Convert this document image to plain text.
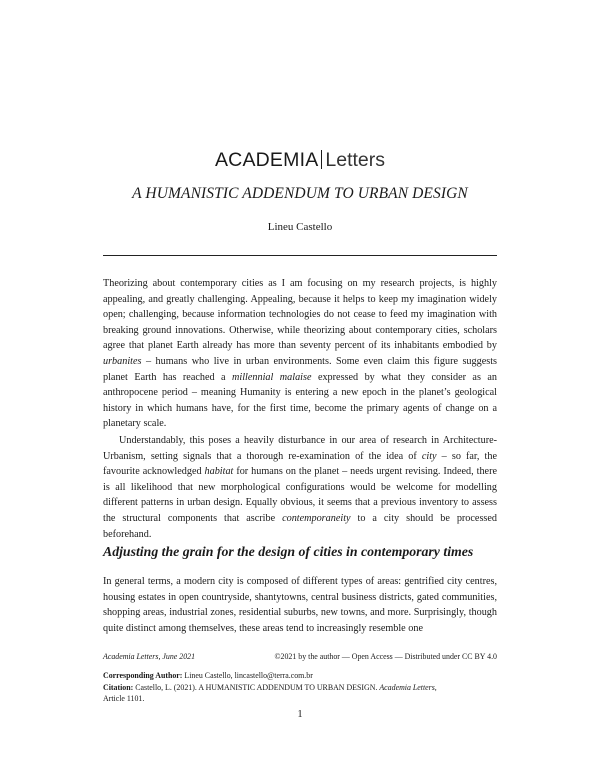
ACADEMIA Letters
A HUMANISTIC ADDENDUM TO URBAN DESIGN
Lineu Castello

Theorizing about contemporary cities as I am focusing on my research projects, is highly appealing, and greatly challenging. Appealing, because it helps to keep my imagination widely open; challenging, because information technologies do not cease to feed my imagination with breaking ground innovations. Otherwise, while theorizing about contemporary cities, scholars agree that planet Earth already has more than seventy percent of its inhabitants embodied by urbanites – humans who live in urban environments. Some even claim this figure suggests planet Earth has reached a millennial malaise expressed by what they consider as an anthropocene period – meaning Humanity is entering a new epoch in the planet’s geological history in which humans have, for the first time, become the primary agents of change on a planetary scale.

Understandably, this poses a heavily disturbance in our area of research in Architecture-Urbanism, setting signals that a thorough re-examination of the idea of city – so far, the favourite acknowledged habitat for humans on the planet – needs urgent revising. Indeed, there is all likelihood that new morphological configurations would be welcome for modelling different patterns in urban design. Equally obvious, it seems that a previous inventory to assess the structural components that ascribe contemporaneity to a city should be processed beforehand.

Adjusting the grain for the design of cities in contemporary times

In general terms, a modern city is composed of different types of areas: gentrified city centres, housing estates in open countryside, shantytowns, central business districts, gated communities, shopping areas, industrial zones, residential suburbs, new towns, and more. Surprisingly, though quite distinct among themselves, these areas tend to increasingly resemble one

Academia Letters, June 2021	©2021 by the author — Open Access — Distributed under CC BY 4.0
Corresponding Author: Lineu Castello, lincastello@terra.com.br
Citation: Castello, L. (2021). A HUMANISTIC ADDENDUM TO URBAN DESIGN. Academia Letters,
Article 1101.
1
